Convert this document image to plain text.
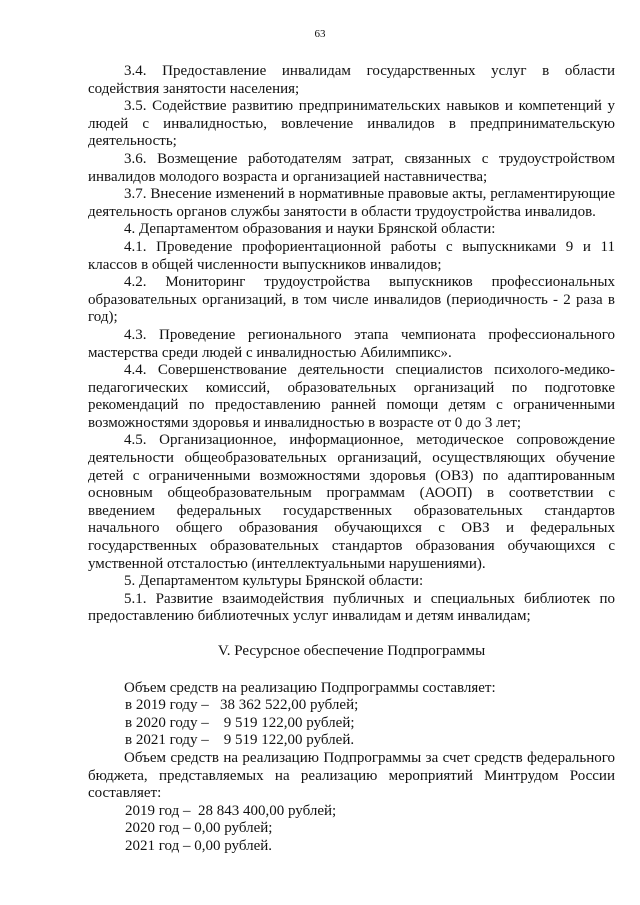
63

3.4. Предоставление инвалидам государственных услуг в области содействия занятости населения;

3.5. Содействие развитию предпринимательских навыков и компетенций у людей с инвалидностью, вовлечение инвалидов в предпринимательскую деятельность;

3.6. Возмещение работодателям затрат, связанных с трудоустройством инвалидов молодого возраста и организацией наставничества;

3.7. Внесение изменений в нормативные правовые акты, регламентирующие деятельность органов службы занятости в области трудоустройства инвалидов.

4. Департаментом образования и науки Брянской области:

4.1. Проведение профориентационной работы с выпускниками 9 и 11 классов в общей численности выпускников инвалидов;

4.2. Мониторинг трудоустройства выпускников профессиональных образовательных организаций, в том числе инвалидов (периодичность - 2 раза в год);

4.3. Проведение регионального этапа чемпионата профессионального мастерства среди людей с инвалидностью Абилимпикс».

4.4. Совершенствование деятельности специалистов психолого-медико-педагогических комиссий, образовательных организаций по подготовке рекомендаций по предоставлению ранней помощи детям с ограниченными возможностями здоровья и инвалидностью в возрасте от 0 до 3 лет;

4.5. Организационное, информационное, методическое сопровождение деятельности общеобразовательных организаций, осуществляющих обучение детей с ограниченными возможностями здоровья (ОВЗ) по адаптированным основным общеобразовательным программам (АООП) в соответствии с введением федеральных государственных образовательных стандартов начального общего образования обучающихся с ОВЗ и федеральных государственных образовательных стандартов образования обучающихся с умственной отсталостью (интеллектуальными нарушениями).

5. Департаментом культуры Брянской области:

5.1. Развитие взаимодействия публичных и специальных библиотек по предоставлению библиотечных услуг инвалидам и детям инвалидам;

V. Ресурсное обеспечение Подпрограммы

Объем средств на реализацию Подпрограммы составляет:

в 2019 году –   38 362 522,00 рублей;

в 2020 году –    9 519 122,00 рублей;

в 2021 году –    9 519 122,00 рублей.

Объем средств на реализацию Подпрограммы за счет средств федерального бюджета, представляемых на реализацию мероприятий Минтрудом России составляет:

2019 год –  28 843 400,00 рублей;

2020 год – 0,00 рублей;

2021 год – 0,00 рублей.
